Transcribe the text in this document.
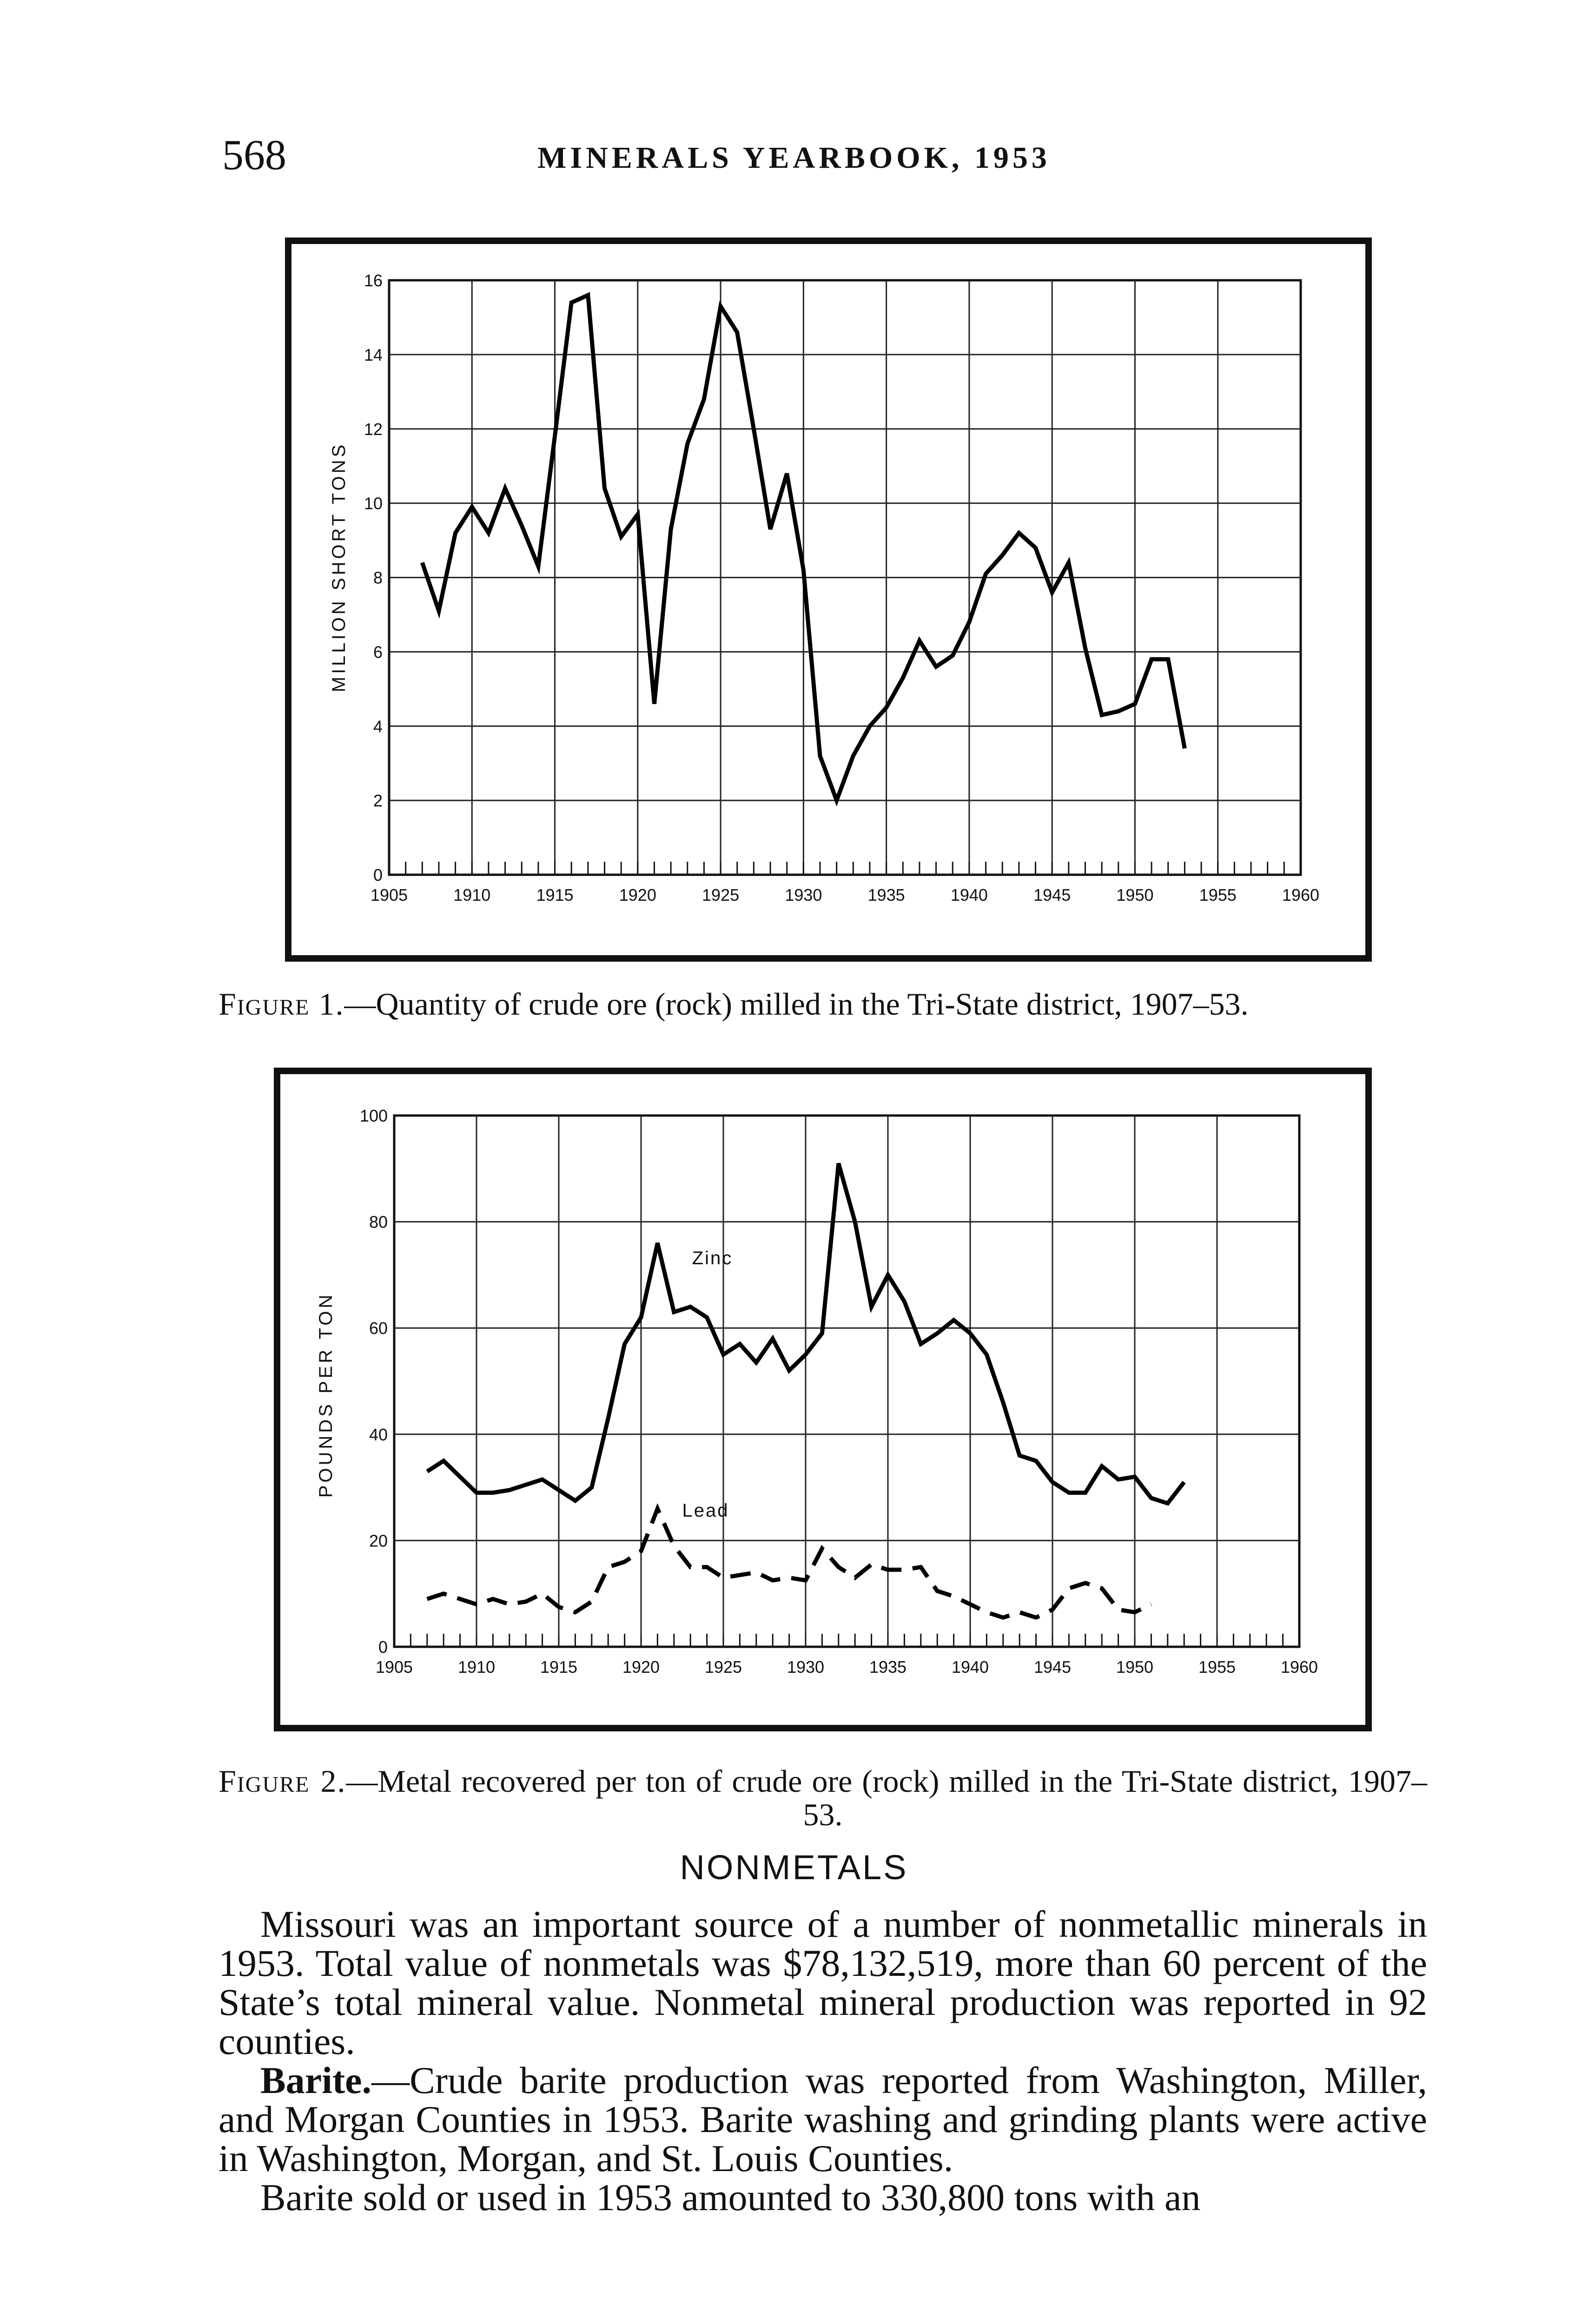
568	MINERALS YEARBOOK, 1953
MILLION SHORT TONS
0
2
4
6
8
10
12
14
16
1905	1910	1915	1920	1925	1930	1935	1940	1945	1950	1955	1960
Figure 1.—Quantity of crude ore (rock) milled in the Tri-State district, 1907–53.
POUNDS PER TON
0
20
40
60
80
100
1905	1910	1915	1920	1925	1930	1935	1940	1945	1950	1955	1960
Zinc
Lead
Figure 2.—Metal recovered per ton of crude ore (rock) milled in the Tri-State district, 1907–53.
NONMETALS

Missouri was an important source of a number of nonmetallic minerals in 1953. Total value of nonmetals was $78,132,519, more than 60 percent of the State’s total mineral value. Nonmetal mineral production was reported in 92 counties.

Barite.—Crude barite production was reported from Washington, Miller, and Morgan Counties in 1953. Barite washing and grinding plants were active in Washington, Morgan, and St. Louis Counties.

Barite sold or used in 1953 amounted to 330,800 tons with an
